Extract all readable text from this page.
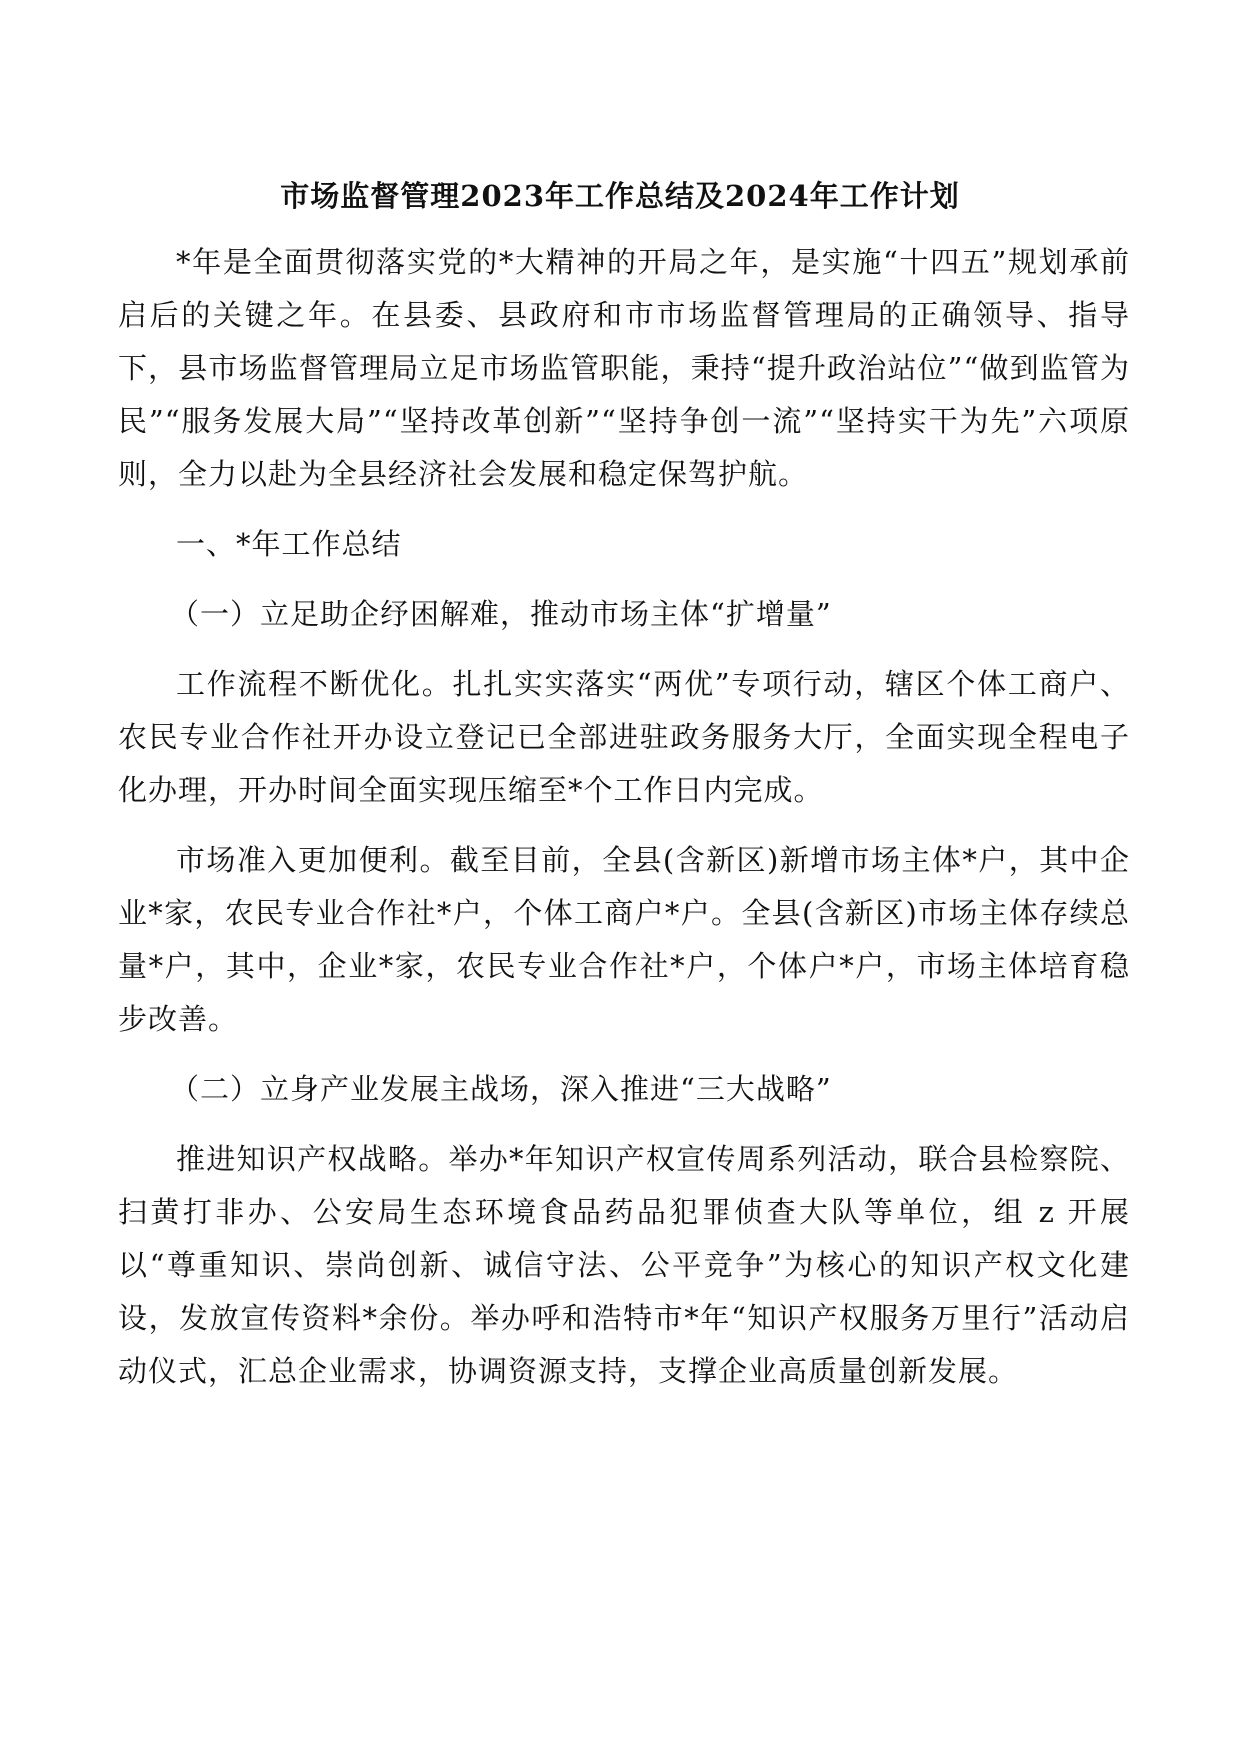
市场监督管理2023年工作总结及2024年工作计划

*年是全面贯彻落实党的*大精神的开局之年，是实施“十四五”规划承前启后的关键之年。在县委、县政府和市市场监督管理局的正确领导、指导下，县市场监督管理局立足市场监管职能，秉持“提升政治站位”“做到监管为民”“服务发展大局”“坚持改革创新”“坚持争创一流”“坚持实干为先”六项原则，全力以赴为全县经济社会发展和稳定保驾护航。

一、*年工作总结

（一）立足助企纾困解难，推动市场主体“扩增量”

工作流程不断优化。扎扎实实落实“两优”专项行动，辖区个体工商户、农民专业合作社开办设立登记已全部进驻政务服务大厅，全面实现全程电子化办理，开办时间全面实现压缩至*个工作日内完成。

市场准入更加便利。截至目前，全县(含新区)新增市场主体*户，其中企业*家，农民专业合作社*户，个体工商户*户。全县(含新区)市场主体存续总量*户，其中，企业*家，农民专业合作社*户，个体户*户，市场主体培育稳步改善。

（二）立身产业发展主战场，深入推进“三大战略”

推进知识产权战略。举办*年知识产权宣传周系列活动，联合县检察院、扫黄打非办、公安局生态环境食品药品犯罪侦查大队等单位，组 z 开展以“尊重知识、崇尚创新、诚信守法、公平竞争”为核心的知识产权文化建设，发放宣传资料*余份。举办呼和浩特市*年“知识产权服务万里行”活动启动仪式，汇总企业需求，协调资源支持，支撑企业高质量创新发展。
